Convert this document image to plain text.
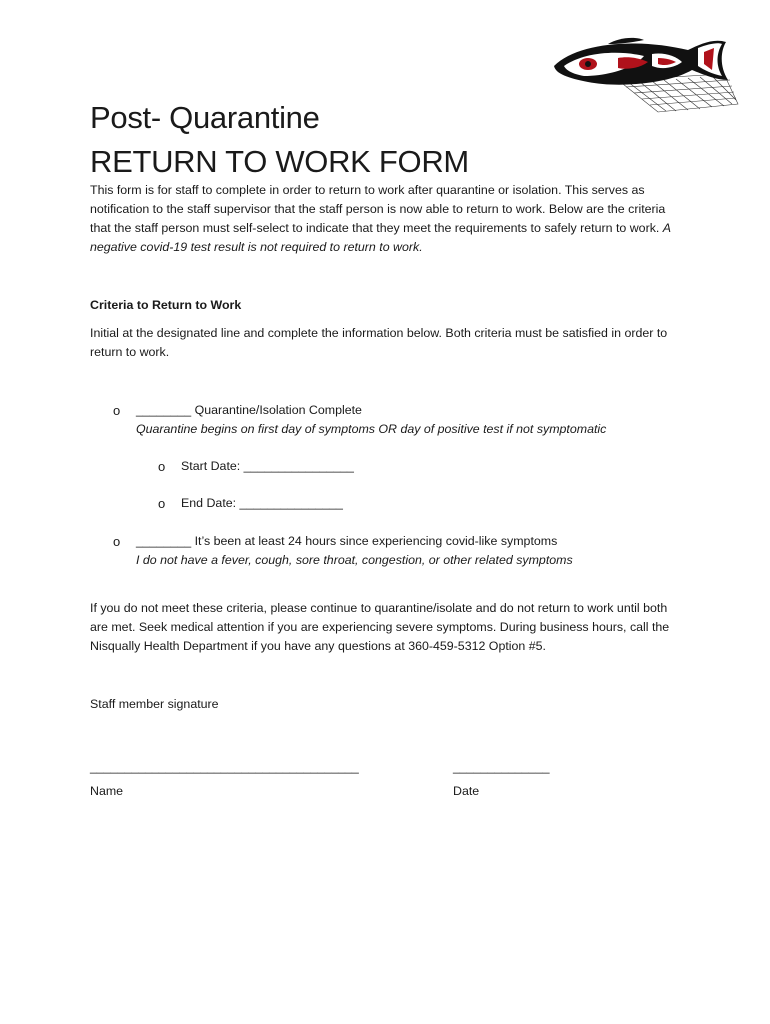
Post- Quarantine
RETURN TO WORK FORM

This form is for staff to complete in order to return to work after quarantine or isolation. This serves as notification to the staff supervisor that the staff person is now able to return to work. Below are the criteria that the staff person must self-select to indicate that they meet the requirements to safely return to work. A negative covid-19 test result is not required to return to work.

Criteria to Return to Work

Initial at the designated line and complete the information below. Both criteria must be satisfied in order to return to work.

o ________ Quarantine/Isolation Complete
Quarantine begins on first day of symptoms OR day of positive test if not symptomatic
o Start Date: ________________
o End Date: _______________
o ________ It’s been at least 24 hours since experiencing covid-like symptoms
I do not have a fever, cough, sore throat, congestion, or other related symptoms

If you do not meet these criteria, please continue to quarantine/isolate and do not return to work until both are met. Seek medical attention if you are experiencing severe symptoms. During business hours, call the Nisqually Health Department if you have any questions at 360-459-5312 Option #5.

Staff member signature
_______________________________________	______________
Name	Date
